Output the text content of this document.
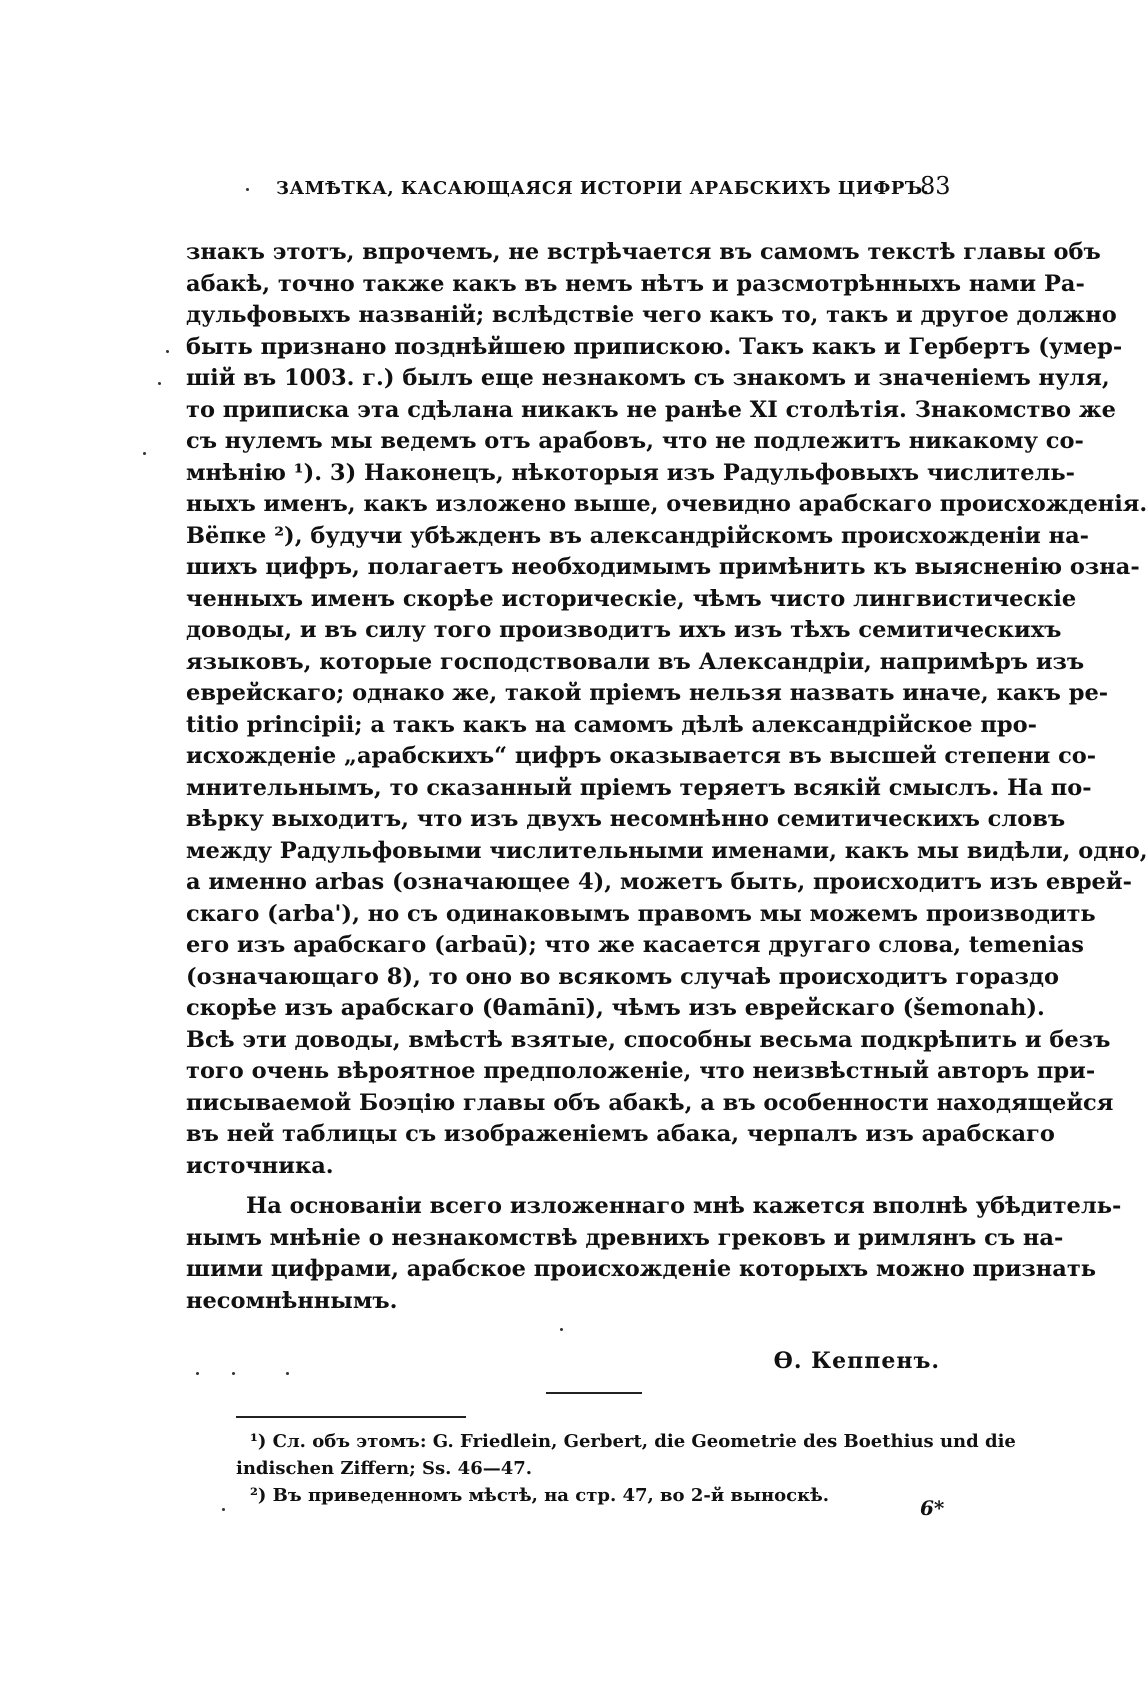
ЗАМѢТКА, КАСАЮЩАЯСЯ ИСТОРІИ АРАБСКИХЪ ЦИФРЪ.
83
знакъ этотъ, впрочемъ, не встрѣчается въ самомъ текстѣ главы объ
абакѣ, точно также какъ въ немъ нѣтъ и разсмотрѣнныхъ нами Ра-
дульфовыхъ названій; вслѣдствіе чего какъ то, такъ и другое должно
быть признано позднѣйшею припискою. Такъ какъ и Гербертъ (умер-
шій въ 1003. г.) былъ еще незнакомъ съ знакомъ и значеніемъ нуля,
то приписка эта сдѣлана никакъ не ранѣе XI столѣтія. Знакомство же
съ нулемъ мы ведемъ отъ арабовъ, что не подлежитъ никакому со-
мнѣнію ¹). 3) Наконецъ, нѣкоторыя изъ Радульфовыхъ числитель-
ныхъ именъ, какъ изложено выше, очевидно арабскаго происхожденія.
Вёпке ²), будучи убѣжденъ въ александрійскомъ происхожденіи на-
шихъ цифръ, полагаетъ необходимымъ примѣнить къ выясненію озна-
ченныхъ именъ скорѣе историческіе, чѣмъ чисто лингвистическіе
доводы, и въ силу того производитъ ихъ изъ тѣхъ семитическихъ
языковъ, которые господствовали въ Александріи, напримѣръ изъ
еврейскаго; однако же, такой пріемъ нельзя назвать иначе, какъ ре-
titio principii; а такъ какъ на самомъ дѣлѣ александрійское про-
исхожденіе „арабскихъ“ цифръ оказывается въ высшей степени со-
мнительнымъ, то сказанный пріемъ теряетъ всякій смыслъ. На по-
вѣрку выходитъ, что изъ двухъ несомнѣнно семитическихъ словъ
между Радульфовыми числительными именами, какъ мы видѣли, одно,
а именно arbas (означающее 4), можетъ быть, происходитъ изъ еврей-
скаго (arba'), но съ одинаковымъ правомъ мы можемъ производить
его изъ арабскаго (arbaū); что же касается другаго слова, temenias
(означающаго 8), то оно во всякомъ случаѣ происходитъ гораздо
скорѣе изъ арабскаго (θamānī), чѣмъ изъ еврейскаго (šemonah).
Всѣ эти доводы, вмѣстѣ взятые, способны весьма подкрѣпить и безъ
того очень вѣроятное предположеніе, что неизвѣстный авторъ при-
писываемой Боэцію главы объ абакѣ, а въ особенности находящейся
въ ней таблицы съ изображеніемъ абака, черпалъ изъ арабскаго
источника.
На основаніи всего изложеннаго мнѣ кажется вполнѣ убѣдитель-
нымъ мнѣніе о незнакомствѣ древнихъ грековъ и римлянъ съ на-
шими цифрами, арабское происхожденіе которыхъ можно признать
несомнѣннымъ.
Ѳ. Кеппенъ.
¹) Сл. объ этомъ: G. Friedlein, Gerbert, die Geometrie des Boethius und die
indischen Ziffern; Ss. 46—47.
²) Въ приведенномъ мѣстѣ, на стр. 47, во 2-й выноскѣ.
6*
